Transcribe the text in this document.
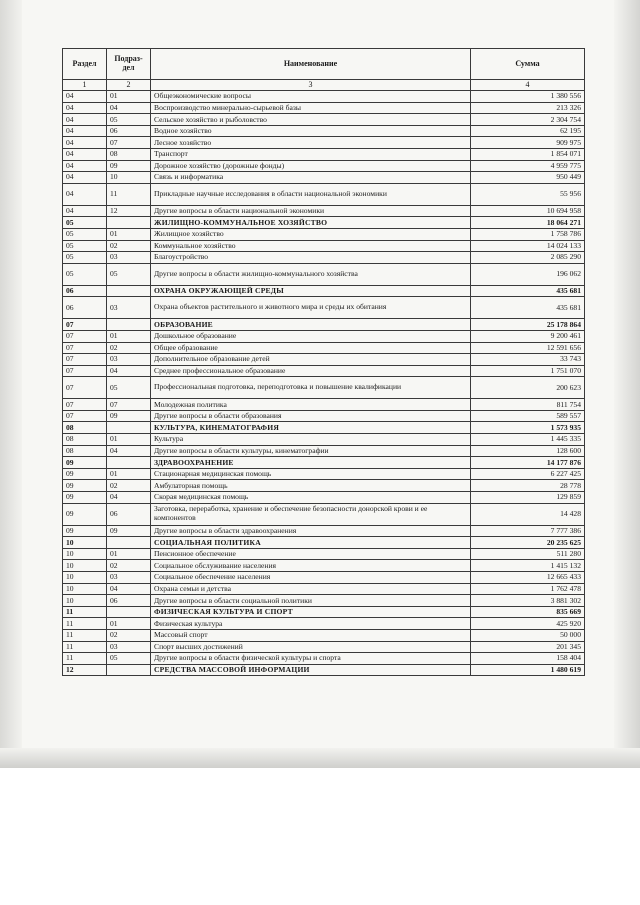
Раздел	Подраз-дел	Наименование	Сумма
1	2	3	4
04	01	Общеэкономические вопросы	1 380 556
04	04	Воспроизводство минерально-сырьевой базы	213 326
04	05	Сельское хозяйство и рыболовство	2 304 754
04	06	Водное хозяйство	62 195
04	07	Лесное хозяйство	909 975
04	08	Транспорт	1 854 071
04	09	Дорожное хозяйство (дорожные фонды)	4 959 775
04	10	Связь и информатика	950 449
04	11	Прикладные научные исследования в области национальной экономики	55 956
04	12	Другие вопросы в области национальной экономики	10 694 958
05		ЖИЛИЩНО-КОММУНАЛЬНОЕ ХОЗЯЙСТВО	18 064 271
05	01	Жилищное хозяйство	1 758 786
05	02	Коммунальное хозяйство	14 024 133
05	03	Благоустройство	2 085 290
05	05	Другие вопросы в области жилищно-коммунального хозяйства	196 062
06		ОХРАНА ОКРУЖАЮЩЕЙ СРЕДЫ	435 681
06	03	Охрана объектов растительного и животного мира и среды их обитания	435 681
07		ОБРАЗОВАНИЕ	25 178 864
07	01	Дошкольное образование	9 200 461
07	02	Общее образование	12 591 656
07	03	Дополнительное образование детей	33 743
07	04	Среднее профессиональное образование	1 751 070
07	05	Профессиональная подготовка, переподготовка и повышение квалификации	200 623
07	07	Молодежная политика	811 754
07	09	Другие вопросы в области образования	589 557
08		КУЛЬТУРА, КИНЕМАТОГРАФИЯ	1 573 935
08	01	Культура	1 445 335
08	04	Другие вопросы в области культуры, кинематографии	128 600
09		ЗДРАВООХРАНЕНИЕ	14 177 876
09	01	Стационарная медицинская помощь	6 227 425
09	02	Амбулаторная помощь	28 778
09	04	Скорая медицинская помощь	129 859
09	06	Заготовка, переработка, хранение и обеспечение безопасности донорской крови и ее компонентов	14 428
09	09	Другие вопросы в области здравоохранения	7 777 386
10		СОЦИАЛЬНАЯ ПОЛИТИКА	20 235 625
10	01	Пенсионное обеспечение	511 280
10	02	Социальное обслуживание населения	1 415 132
10	03	Социальное обеспечение населения	12 665 433
10	04	Охрана семьи и детства	1 762 478
10	06	Другие вопросы в области социальной политики	3 881 302
11		ФИЗИЧЕСКАЯ КУЛЬТУРА И СПОРТ	835 669
11	01	Физическая культура	425 920
11	02	Массовый спорт	50 000
11	03	Спорт высших достижений	201 345
11	05	Другие вопросы в области физической культуры и спорта	158 404
12		СРЕДСТВА МАССОВОЙ ИНФОРМАЦИИ	1 480 619
